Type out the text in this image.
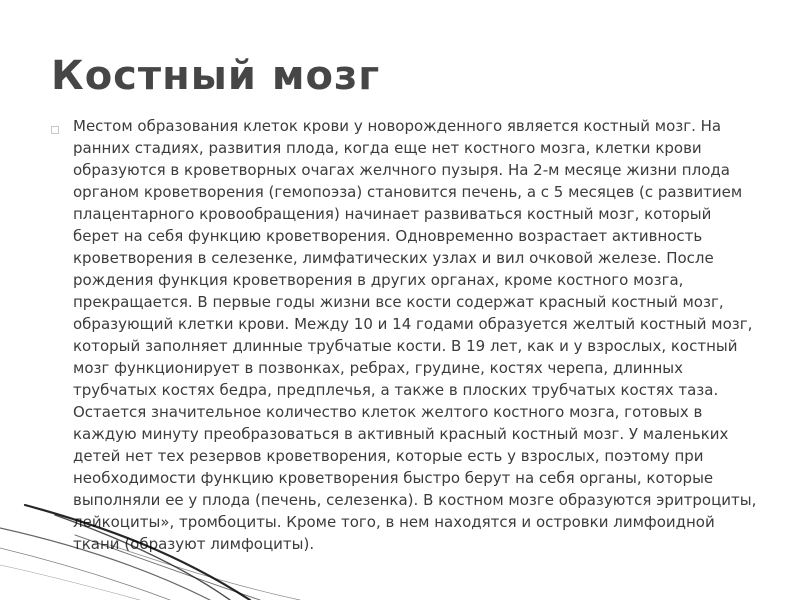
Костный мозг

Местом образования клеток крови у новорожденного является костный мозг. На ранних стадиях, развития плода, когда еще нет костного мозга, клетки крови образуются в кроветворных очагах желчного пузыря. На 2-м месяце жизни плода органом кроветворения (гемопоэза) становится печень, а с 5 месяцев (с развитием плацентарного кровообращения) начинает развиваться костный мозг, который берет на себя функцию кроветворения. Одновременно возрастает активность кроветворения в селезенке, лимфатических узлах и вил очковой железе. После рождения функция кроветворения в других органах, кроме костного мозга, прекращается. В первые годы жизни все кости содержат красный костный мозг, образующий клетки крови. Между 10 и 14 годами образуется желтый костный мозг, который заполняет длинные трубчатые кости. В 19 лет, как и у взрослых, костный мозг функционирует в позвонках, ребрах, грудине, костях черепа, длинных трубчатых костях бедра, предплечья, а также в плоских трубчатых костях таза. Остается значительное количество клеток желтого костного мозга, готовых в каждую минуту преобразоваться в активный красный костный мозг. У маленьких детей нет тех резервов кроветворения, которые есть у взрослых, поэтому при необходимости функцию кроветворения быстро берут на себя органы, которые выполняли ее у плода (печень, селезенка). В костном мозге образуются эритроциты, лейкоциты», тромбоциты. Кроме того, в нем находятся и островки лимфоидной ткани (образуют лимфоциты).
